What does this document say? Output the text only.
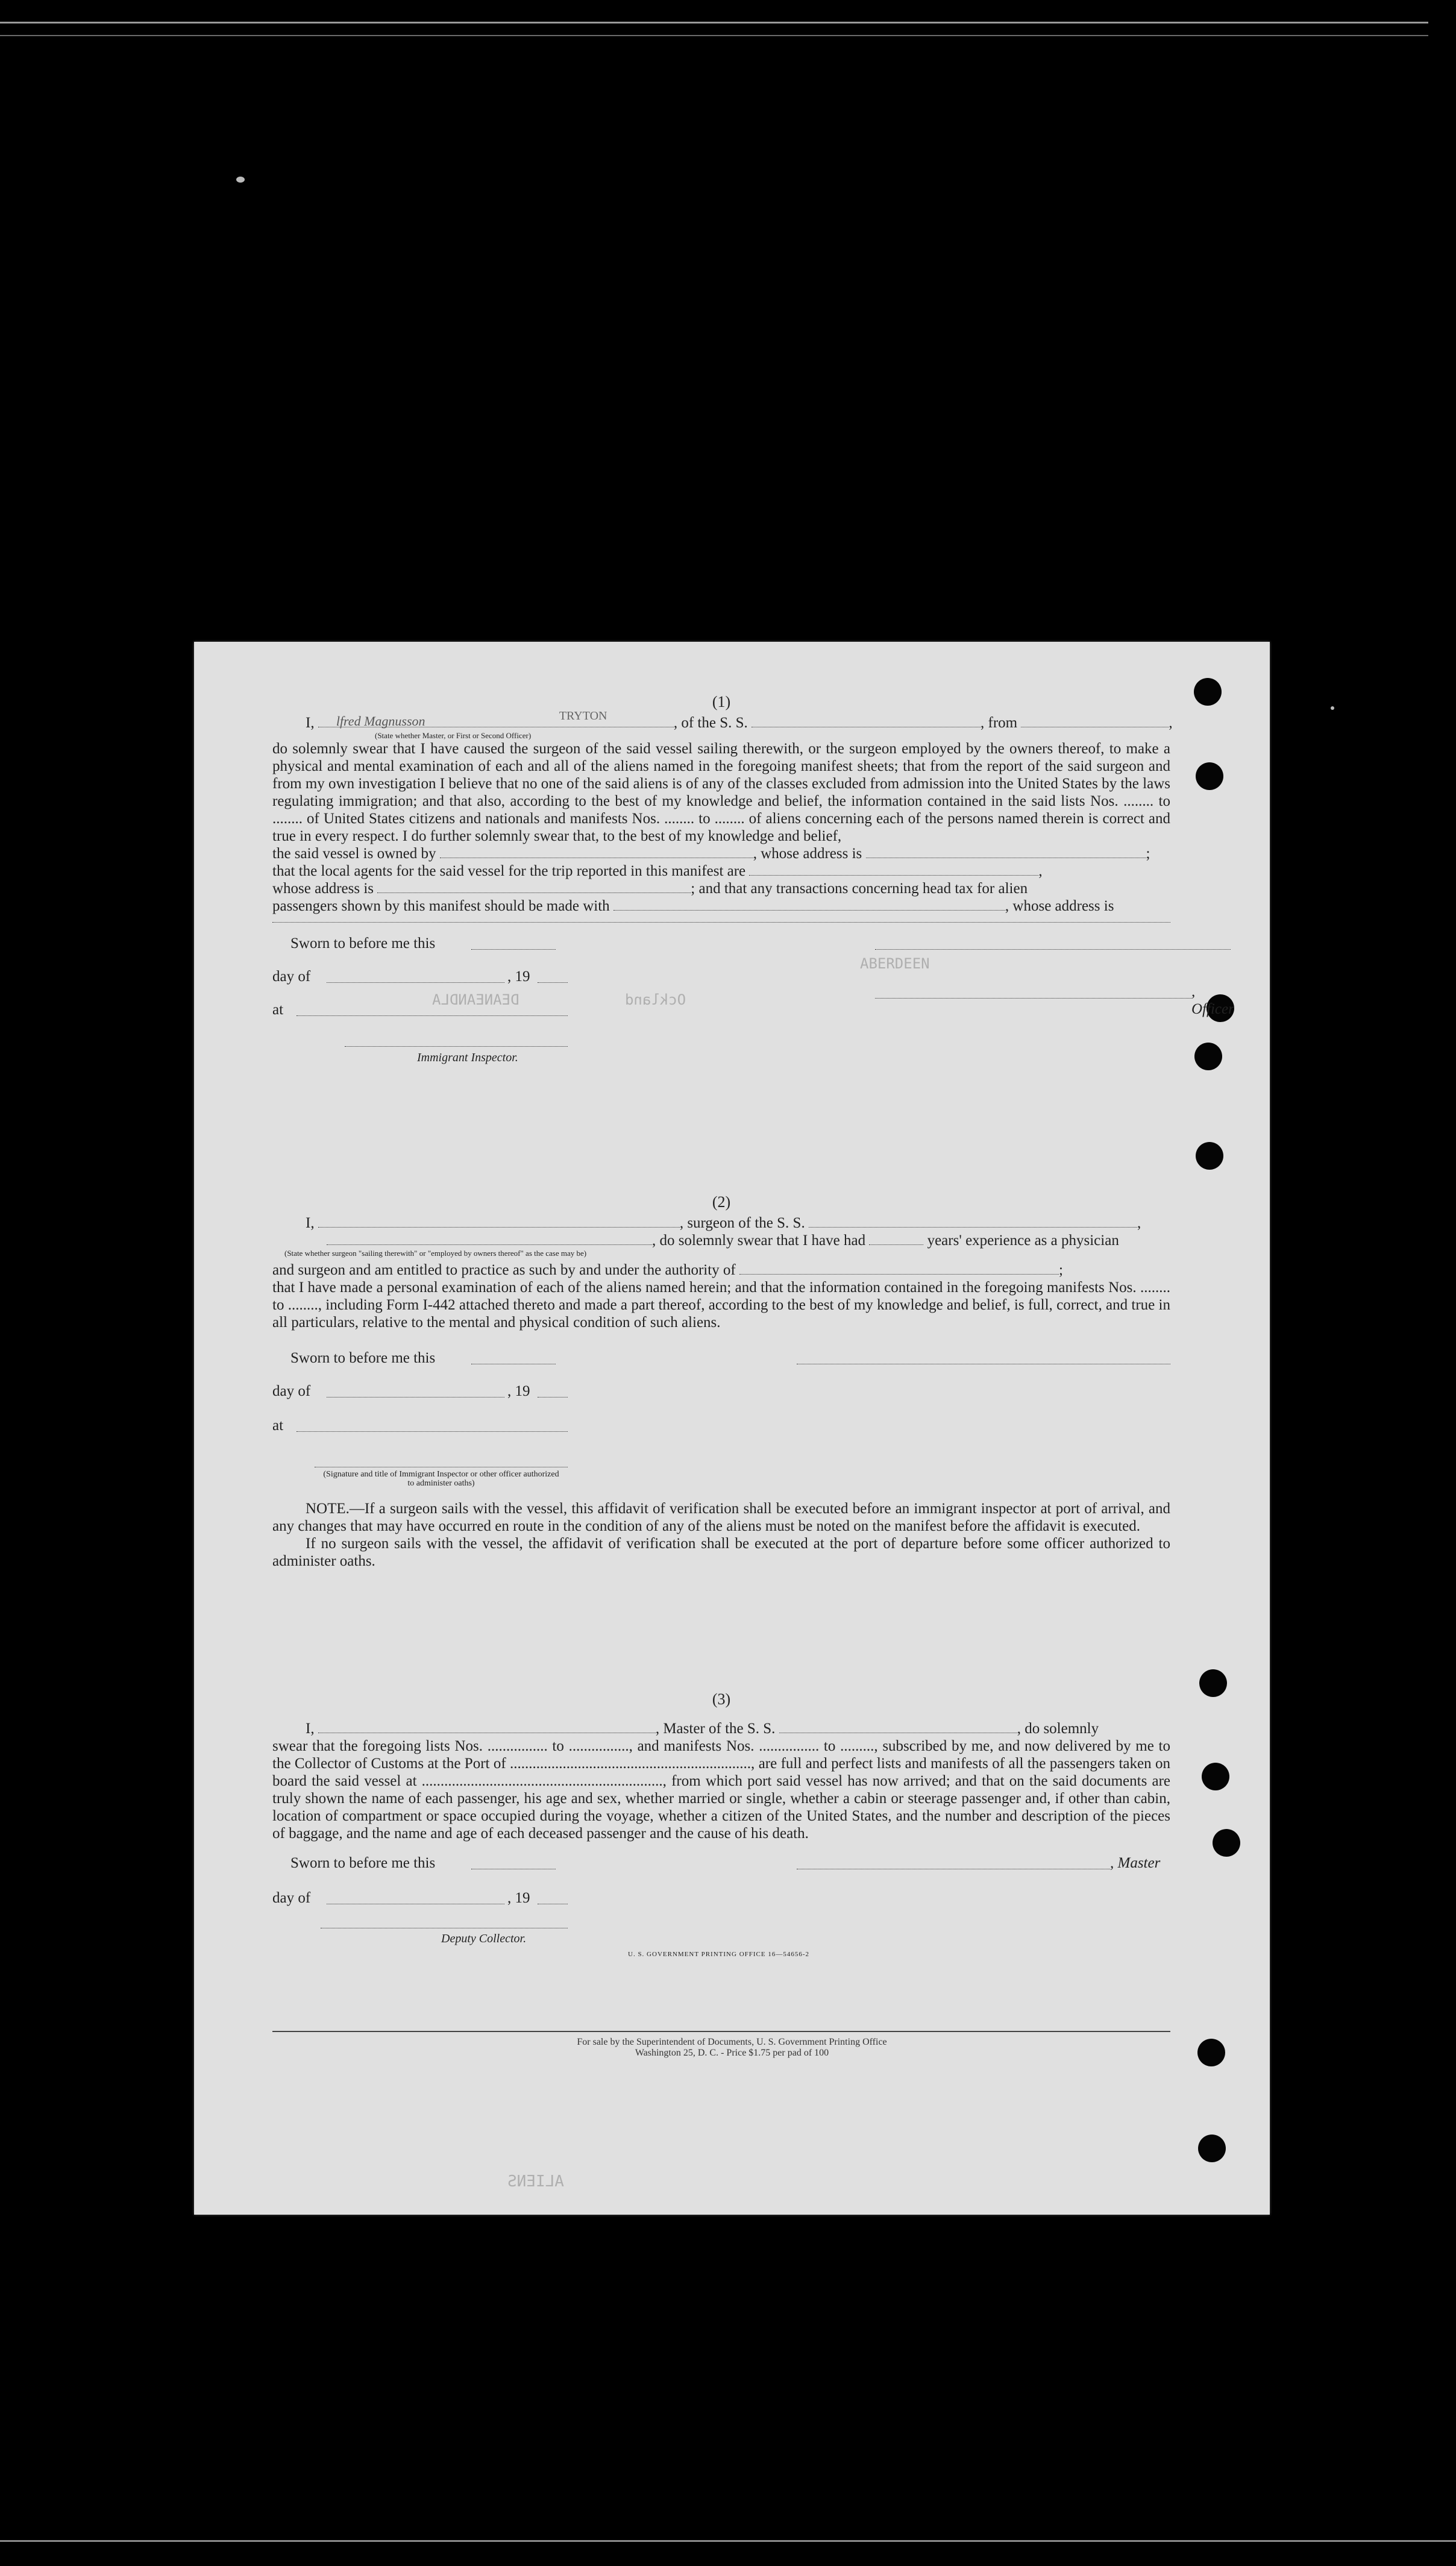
ABERDEEN
DEANEANDLA	Ockland
ALIENS
(1)
I, lfred Magnusson	TRYTON	, of the S. S.	, from	,
(State whether Master, or First or Second Officer)
do solemnly swear that I have caused the surgeon of the said vessel sailing therewith, or the surgeon employed by the owners thereof, to make a physical and mental examination of each and all of the aliens named in the foregoing manifest sheets; that from the report of the said surgeon and from my own investigation I believe that no one of the said aliens is of any of the classes excluded from admission into the United States by the laws regulating immigration; and that also, according to the best of my knowledge and belief, the information contained in the said lists Nos. ........ to ........ of United States citizens and nationals and manifests Nos. ........ to ........ of aliens concerning each of the persons named therein is correct and true in every respect. I do further solemnly swear that, to the best of my knowledge and belief,
the said vessel is owned by	, whose address is	;
that the local agents for the said vessel for the trip reported in this manifest are	,
whose address is	; and that any transactions concerning head tax for alien
passengers shown by this manifest should be made with	, whose address is
Sworn to before me this
day of	, 19
at
Immigrant Inspector.
, Officer
(2)
I,	, surgeon of the S. S.	,
, do solemnly swear that I have had	years' experience as a physician
(State whether surgeon "sailing therewith" or "employed by owners thereof" as the case may be)
and surgeon and am entitled to practice as such by and under the authority of	;
that I have made a personal examination of each of the aliens named herein; and that the information contained in the foregoing manifests Nos. ........ to ........, including Form I-442 attached thereto and made a part thereof, according to the best of my knowledge and belief, is full, correct, and true in all particulars, relative to the mental and physical condition of such aliens.
Sworn to before me this
day of	, 19
at
(Signature and title of Immigrant Inspector or other officer authorized to administer oaths)
NOTE.—If a surgeon sails with the vessel, this affidavit of verification shall be executed before an immigrant inspector at port of arrival, and any changes that may have occurred en route in the condition of any of the aliens must be noted on the manifest before the affidavit is executed.
If no surgeon sails with the vessel, the affidavit of verification shall be executed at the port of departure before some officer authorized to administer oaths.
(3)
I,	, Master of the S. S.	, do solemnly
swear that the foregoing lists Nos. ................ to ................, and manifests Nos. ................ to ........., subscribed by me, and now delivered by me to the Collector of Customs at the Port of ................................................................, are full and perfect lists and manifests of all the passengers taken on board the said vessel at ................................................................, from which port said vessel has now arrived; and that on the said documents are truly shown the name of each passenger, his age and sex, whether married or single, whether a cabin or steerage passenger and, if other than cabin, location of compartment or space occupied during the voyage, whether a citizen of the United States, and the number and description of the pieces of baggage, and the name and age of each deceased passenger and the cause of his death.
Sworn to before me this	, Master
day of	, 19
Deputy Collector.
U. S. GOVERNMENT PRINTING OFFICE 16—54656-2
For sale by the Superintendent of Documents, U. S. Government Printing Office
Washington 25, D. C. - Price $1.75 per pad of 100
